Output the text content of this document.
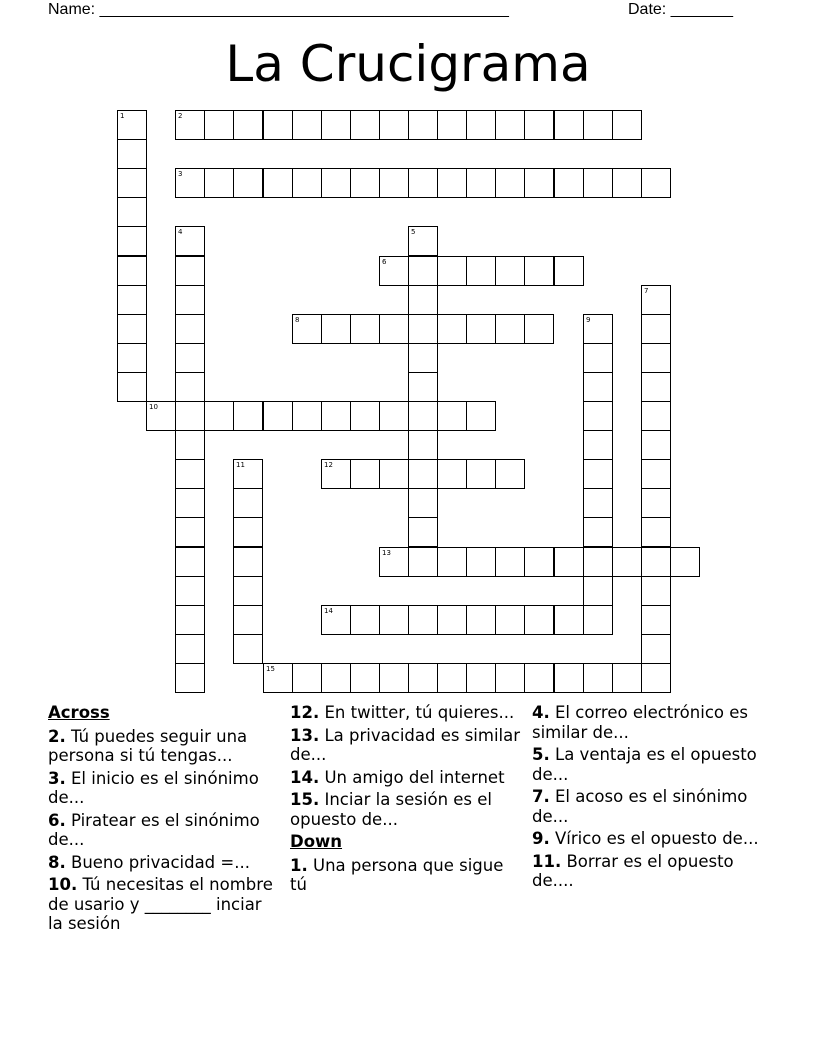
Name: ______________________________________________	Date: _______
La Crucigrama
1	2
3
4	5
6
7
8	9
10
11	12
13
14
15
Across
2. Tú puedes seguir una persona si tú tengas...
3. El inicio es el sinónimo de...
6. Piratear es el sinónimo de...
8. Bueno privacidad =...
10. Tú necesitas el nombre de usario y ________ inciar la sesión
12. En twitter, tú quieres...
13. La privacidad es similar de...
14. Un amigo del internet
15. Inciar la sesión es el opuesto de...
Down
1. Una persona que sigue tú
4. El correo electrónico es similar de...
5. La ventaja es el opuesto de...
7. El acoso es el sinónimo de...
9. Vírico es el opuesto de...
11. Borrar es el opuesto de....
